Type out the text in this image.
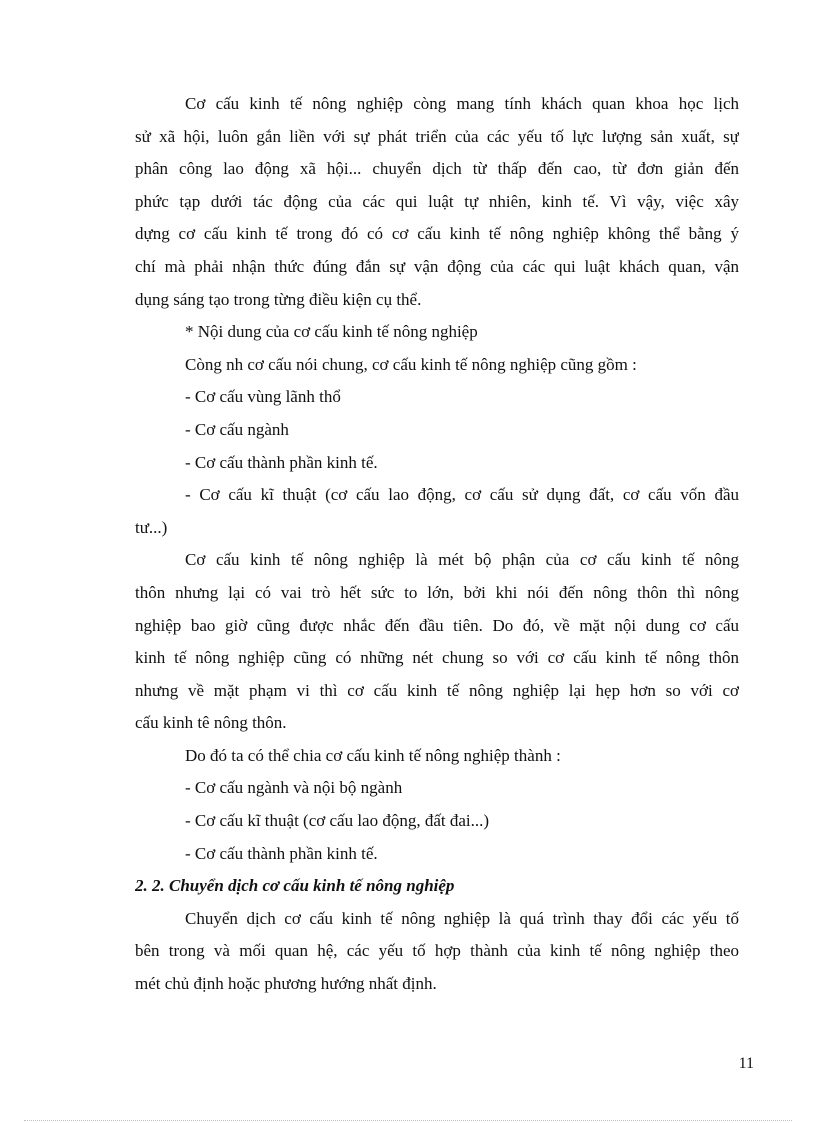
Cơ cấu kinh tế nông nghiệp còng mang tính khách quan khoa học lịch
sử xã hội, luôn gắn liền với sự phát triển của các yếu tố lực lượng sản xuất, sự
phân công lao động xã hội... chuyển dịch từ thấp đến cao, từ đơn giản đến
phức tạp dưới tác động của các qui luật tự nhiên, kinh tế. Vì vậy, việc xây
dựng cơ cấu kinh tế trong đó có cơ cấu kinh tế nông nghiệp không thể bằng ý
chí mà phải nhận thức đúng đắn sự vận động của các qui luật khách quan, vận
dụng sáng tạo trong từng điều kiện cụ thể.
* Nội dung của cơ cấu kinh tế nông nghiệp
Còng nh cơ cấu nói chung, cơ cấu kinh tế nông nghiệp cũng gồm :
- Cơ cấu vùng lãnh thổ
- Cơ cấu ngành
- Cơ cấu thành phần kinh tế.
- Cơ cấu kĩ thuật (cơ cấu lao động, cơ cấu sử dụng đất, cơ cấu vốn đầu
tư...)
Cơ cấu kinh tế nông nghiệp là mét bộ phận của cơ cấu kinh tế nông
thôn nhưng lại có vai trò hết sức to lớn, bởi khi nói đến nông thôn thì nông
nghiệp bao giờ cũng được nhắc đến đầu tiên. Do đó, về mặt nội dung cơ cấu
kinh tế nông nghiệp cũng có những nét chung so với cơ cấu kinh tế nông thôn
nhưng về mặt phạm vi thì cơ cấu kinh tế nông nghiệp lại hẹp hơn so với cơ
cấu kinh tê nông thôn.
Do đó ta có thể chia cơ cấu kinh tế nông nghiệp thành :
- Cơ cấu ngành và nội bộ ngành
- Cơ cấu kĩ thuật (cơ cấu lao động, đất đai...)
- Cơ cấu thành phần kinh tế.
2. 2. Chuyển dịch cơ cấu kinh tế nông nghiệp
Chuyển dịch cơ cấu kinh tế nông nghiệp là quá trình thay đổi các yếu tố
bên trong và mối quan hệ, các yếu tố hợp thành của kinh tế nông nghiệp theo
mét chủ định hoặc phương hướng nhất định.
11
